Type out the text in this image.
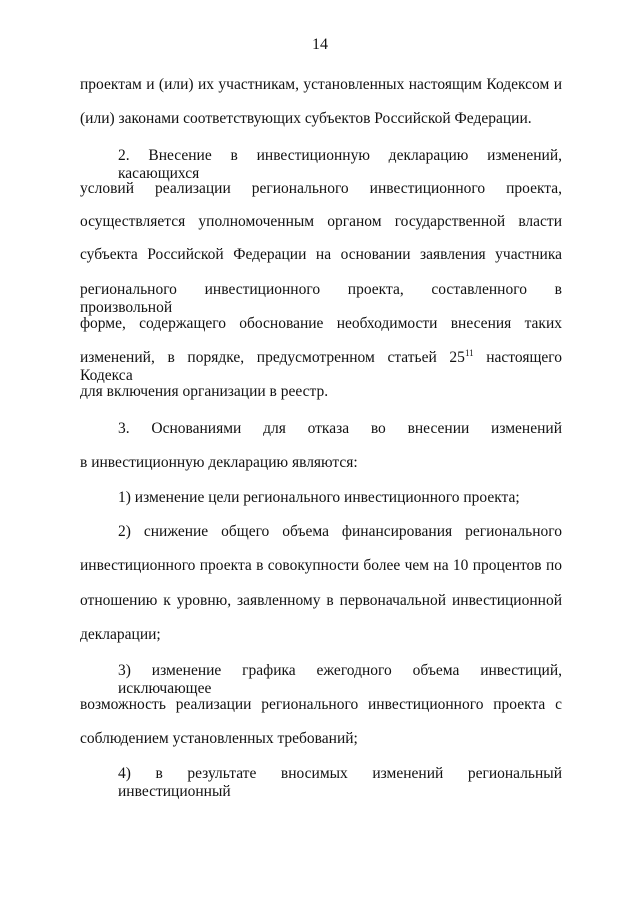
14
проектам и (или) их участникам, установленных настоящим Кодексом и
(или) законами соответствующих субъектов Российской Федерации.
2. Внесение в инвестиционную декларацию изменений, касающихся
условий реализации регионального инвестиционного проекта,
осуществляется уполномоченным органом государственной власти
субъекта Российской Федерации на основании заявления участника
регионального инвестиционного проекта, составленного в произвольной
форме, содержащего обоснование необходимости внесения таких
изменений, в порядке, предусмотренном статьей $25^{11}$ настоящего Кодекса
для включения организации в реестр.
3. Основаниями для отказа во внесении изменений
в инвестиционную декларацию являются:
1) изменение цели регионального инвестиционного проекта;
2) снижение общего объема финансирования регионального
инвестиционного проекта в совокупности более чем на 10 процентов по
отношению к уровню, заявленному в первоначальной инвестиционной
декларации;
3) изменение графика ежегодного объема инвестиций, исключающее
возможность реализации регионального инвестиционного проекта с
соблюдением установленных требований;
4) в результате вносимых изменений региональный инвестиционный
